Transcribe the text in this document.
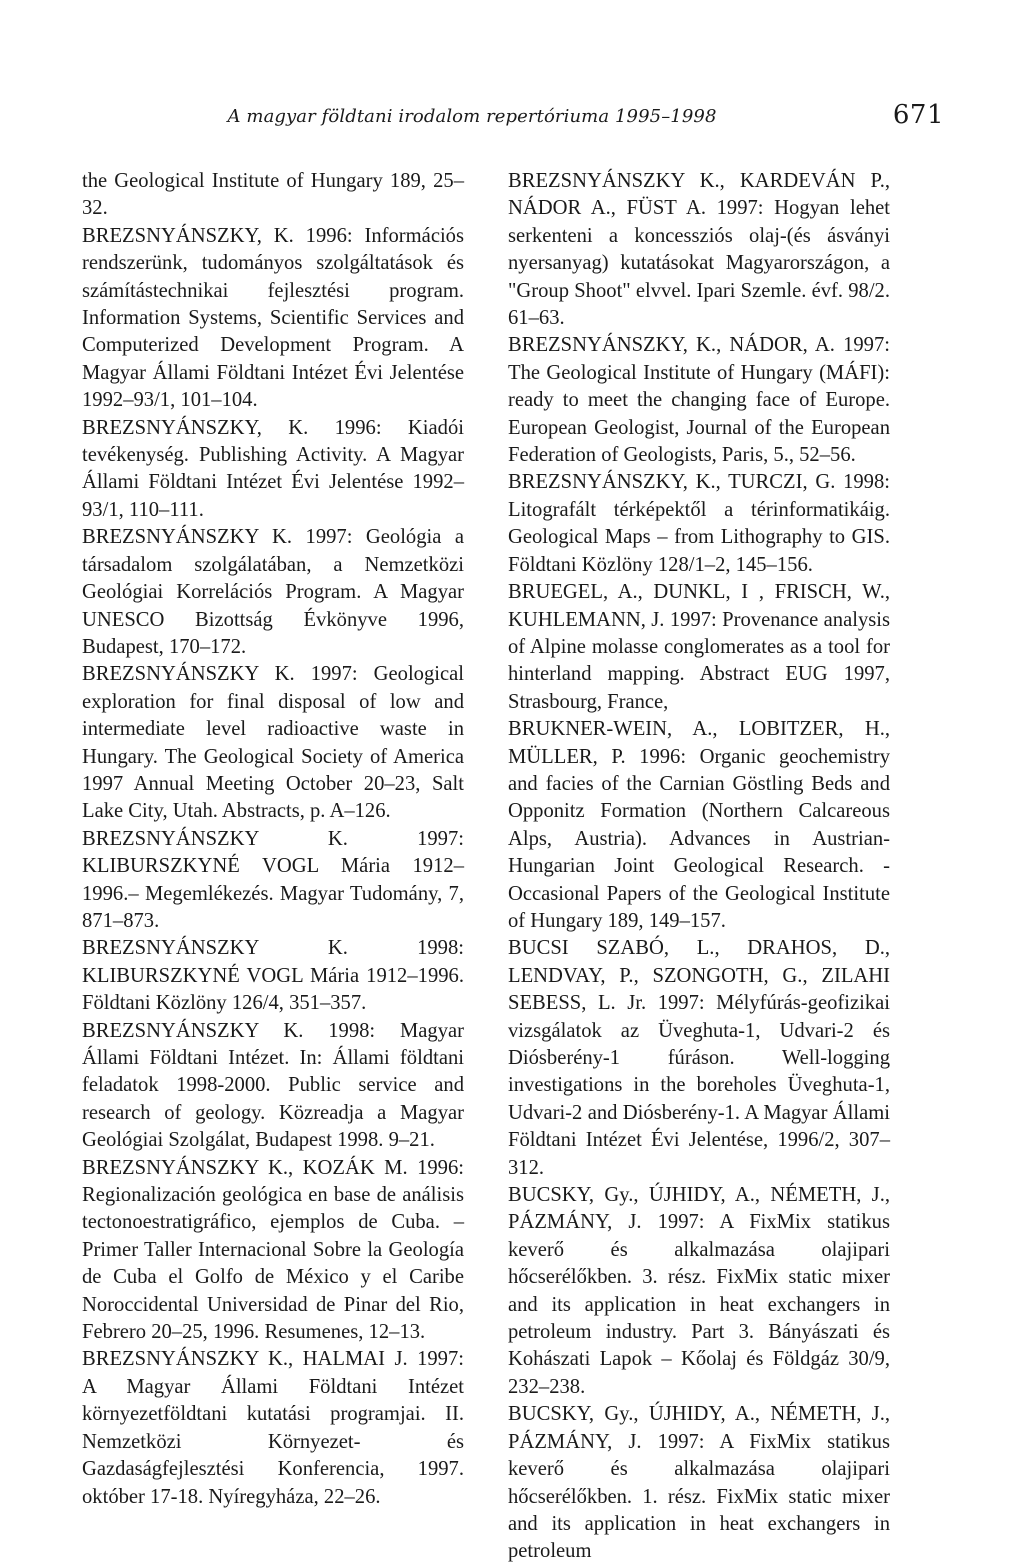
A magyar földtani irodalom repertóriuma 1995–1998	671

the Geological Institute of Hungary 189, 25–32.

BREZSNYÁNSZKY, K. 1996: Információs rendszerünk, tudományos szolgáltatások és számítástechnikai fejlesztési program. Information Systems, Scientific Services and Computerized Development Program. A Magyar Állami Földtani Intézet Évi Jelentése 1992–93/1, 101–104.

BREZSNYÁNSZKY, K. 1996: Kiadói tevékenység. Publishing Activity. A Magyar Állami Földtani Intézet Évi Jelentése 1992–93/1, 110–111.

BREZSNYÁNSZKY K. 1997: Geológia a társadalom szolgálatában, a Nemzetközi Geológiai Korrelációs Program. A Magyar UNESCO Bizottság Évkönyve 1996, Budapest, 170–172.

BREZSNYÁNSZKY K. 1997: Geological exploration for final disposal of low and intermediate level radioactive waste in Hungary. The Geological Society of America 1997 Annual Meeting October 20–23, Salt Lake City, Utah. Abstracts, p. A–126.

BREZSNYÁNSZKY K. 1997: KLIBURSZKYNÉ VOGL Mária 1912–1996.– Megemlékezés. Magyar Tudomány, 7, 871–873.

BREZSNYÁNSZKY K. 1998: KLIBURSZKYNÉ VOGL Mária 1912–1996. Földtani Közlöny 126/4, 351–357.

BREZSNYÁNSZKY K. 1998: Magyar Állami Földtani Intézet. In: Állami földtani feladatok 1998-2000. Public service and research of geology. Közreadja a Magyar Geológiai Szolgálat, Budapest 1998. 9–21.

BREZSNYÁNSZKY K., KOZÁK M. 1996: Regionalización geológica en base de análisis tectonoestratigráfico, ejemplos de Cuba. – Primer Taller Internacional Sobre la Geología de Cuba el Golfo de México y el Caribe Noroccidental Universidad de Pinar del Rio, Febrero 20–25, 1996. Resumenes, 12–13.

BREZSNYÁNSZKY K., HALMAI J. 1997: A Magyar Állami Földtani Intézet környezetföldtani kutatási programjai. II. Nemzetközi Környezet- és Gazdaságfejlesztési Konferencia, 1997. október 17-18. Nyíregyháza, 22–26.

BREZSNYÁNSZKY K., KARDEVÁN P., NÁDOR A., FÜST A. 1997: Hogyan lehet serkenteni a koncessziós olaj-(és ásványi nyersanyag) kutatásokat Magyarországon, a "Group Shoot" elvvel. Ipari Szemle. évf. 98/2. 61–63.

BREZSNYÁNSZKY, K., NÁDOR, A. 1997: The Geological Institute of Hungary (MÁFI): ready to meet the changing face of Europe. European Geologist, Journal of the European Federation of Geologists, Paris, 5., 52–56.

BREZSNYÁNSZKY, K., TURCZI, G. 1998: Litografált térképektől a térinformatikáig. Geological Maps – from Lithography to GIS. Földtani Közlöny 128/1–2, 145–156.

BRUEGEL, A., DUNKL, I , FRISCH, W., KUHLEMANN, J. 1997: Provenance analysis of Alpine molasse conglomerates as a tool for hinterland mapping. Abstract EUG 1997, Strasbourg, France,

BRUKNER-WEIN, A., LOBITZER, H., MÜLLER, P. 1996: Organic geochemistry and facies of the Carnian Göstling Beds and Opponitz Formation (Northern Calcareous Alps, Austria). Advances in Austrian-Hungarian Joint Geological Research. - Occasional Papers of the Geological Institute of Hungary 189, 149–157.

BUCSI SZABÓ, L., DRAHOS, D., LENDVAY, P., SZONGOTH, G., ZILAHI SEBESS, L. Jr. 1997: Mélyfúrás-geofizikai vizsgálatok az Üveghuta-1, Udvari-2 és Diósberény-1 fúráson. Well-logging investigations in the boreholes Üveghuta-1, Udvari-2 and Diósberény-1. A Magyar Állami Földtani Intézet Évi Jelentése, 1996/2, 307–312.

BUCSKY, Gy., ÚJHIDY, A., NÉMETH, J., PÁZMÁNY, J. 1997: A FixMix statikus keverő és alkalmazása olajipari hőcserélőkben. 3. rész. FixMix static mixer and its application in heat exchangers in petroleum industry. Part 3. Bányászati és Kohászati Lapok – Kőolaj és Földgáz 30/9, 232–238.

BUCSKY, Gy., ÚJHIDY, A., NÉMETH, J., PÁZMÁNY, J. 1997: A FixMix statikus keverő és alkalmazása olajipari hőcserélőkben. 1. rész. FixMix static mixer and its application in heat exchangers in petroleum
